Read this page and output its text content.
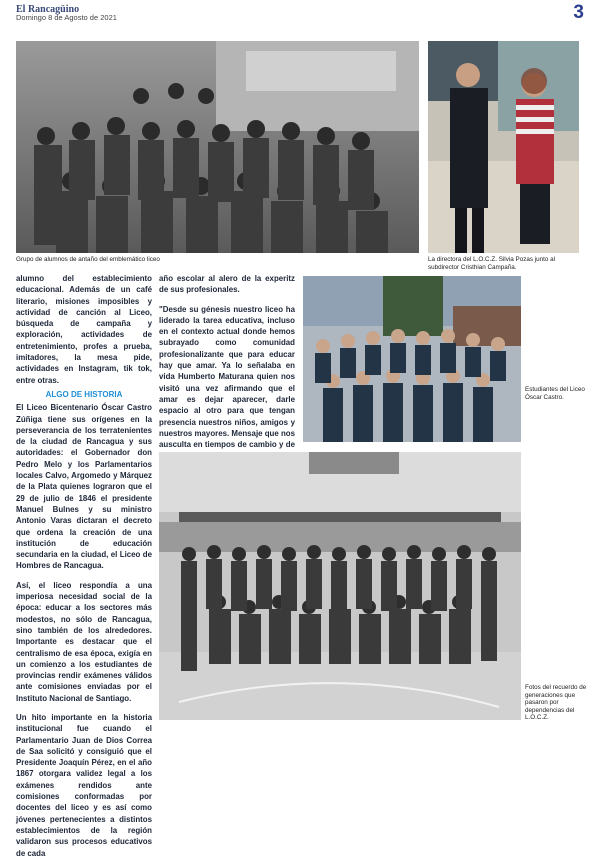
El Rancagüino
Domingo 8 de Agosto de 2021	3
Grupo de alumnos de antaño del emblemático liceo	La directora del L.O.C.Z. Silvia Pozas junto al subdirector Cristhian Campaña.

alumno del establecimiento educacional. Además de un café literario, misiones imposibles y actividad de canción al Liceo, búsqueda de campaña y exploración, actividades de entretenimiento, profes a prueba, imitadores, la mesa pide, actividades en Instagram, tik tok, entre otras.

ALGO DE HISTORIA

El Liceo Bicentenario Óscar Castro Zúñiga tiene sus orígenes en la perseverancia de los terratenientes de la ciudad de Rancagua y sus autoridades: el Gobernador don Pedro Melo y los Parlamentarios locales Calvo, Argomedo y Márquez de la Plata quienes lograron que el 29 de julio de 1846 el presidente Manuel Bulnes y su ministro Antonio Varas dictaran el decreto que ordena la creación de una institución de educación secundaria en la ciudad, el Liceo de Hombres de Rancagua.

Así, el liceo respondía a una imperiosa necesidad social de la época: educar a los sectores más modestos, no sólo de Rancagua, sino también de los alrededores. Importante es destacar que el centralismo de esa época, exigía en un comienzo a los estudiantes de provincias rendir exámenes válidos ante comisiones enviadas por el Instituto Nacional de Santiago.

Un hito importante en la historia institucional fue cuando el Parlamentario Juan de Dios Correa de Saa solicitó y consiguió que el Presidente Joaquín Pérez, en el año 1867 otorgara validez legal a los exámenes rendidos ante comisiones conformadas por docentes del liceo y es así como jóvenes pertenecientes a distintos establecimientos de la región validaron sus procesos educativos de cada

año escolar al alero de la experitz de sus profesionales.

"Desde su génesis nuestro liceo ha liderado la tarea educativa, incluso en el contexto actual donde hemos subrayado como comunidad profesionalizante que para educar hay que amar. Ya lo señalaba en vida Humberto Maturana quien nos visitó una vez afirmando que el amar es dejar aparecer, darle espacio al otro para que tengan presencia nuestros niños, amigos y nuestros mayores. Mensaje que nos ausculta en tiempos de cambio y de

Estudiantes del Liceo Óscar Castro.
Fotos del recuerdo de generaciones que pasaron por dependencias del L.O.C.Z.
